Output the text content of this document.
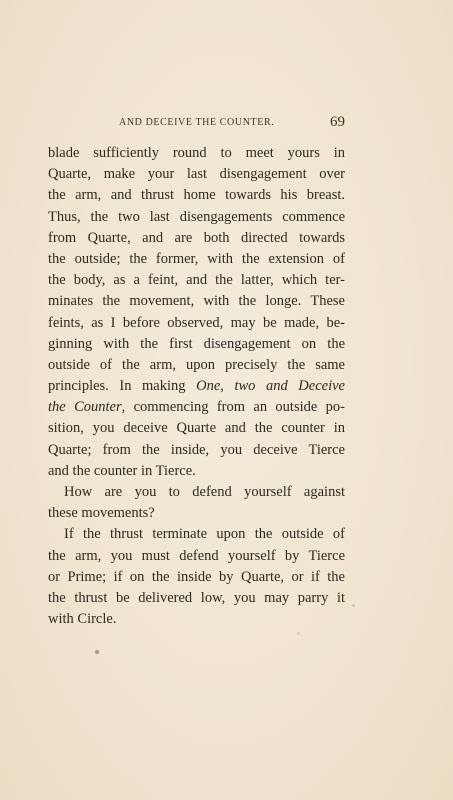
AND DECEIVE THE COUNTER.	69
blade sufficiently round to meet yours in
Quarte, make your last disengagement over
the arm, and thrust home towards his breast.
Thus, the two last disengagements commence
from Quarte, and are both directed towards
the outside; the former, with the extension of
the body, as a feint, and the latter, which ter-
minates the movement, with the longe. These
feints, as I before observed, may be made, be-
ginning with the first disengagement on the
outside of the arm, upon precisely the same
principles. In making One, two and Deceive
the Counter, commencing from an outside po-
sition, you deceive Quarte and the counter in
Quarte; from the inside, you deceive Tierce
and the counter in Tierce.
How are you to defend yourself against
these movements?
If the thrust terminate upon the outside of
the arm, you must defend yourself by Tierce
or Prime; if on the inside by Quarte, or if the
the thrust be delivered low, you may parry it
with Circle.
